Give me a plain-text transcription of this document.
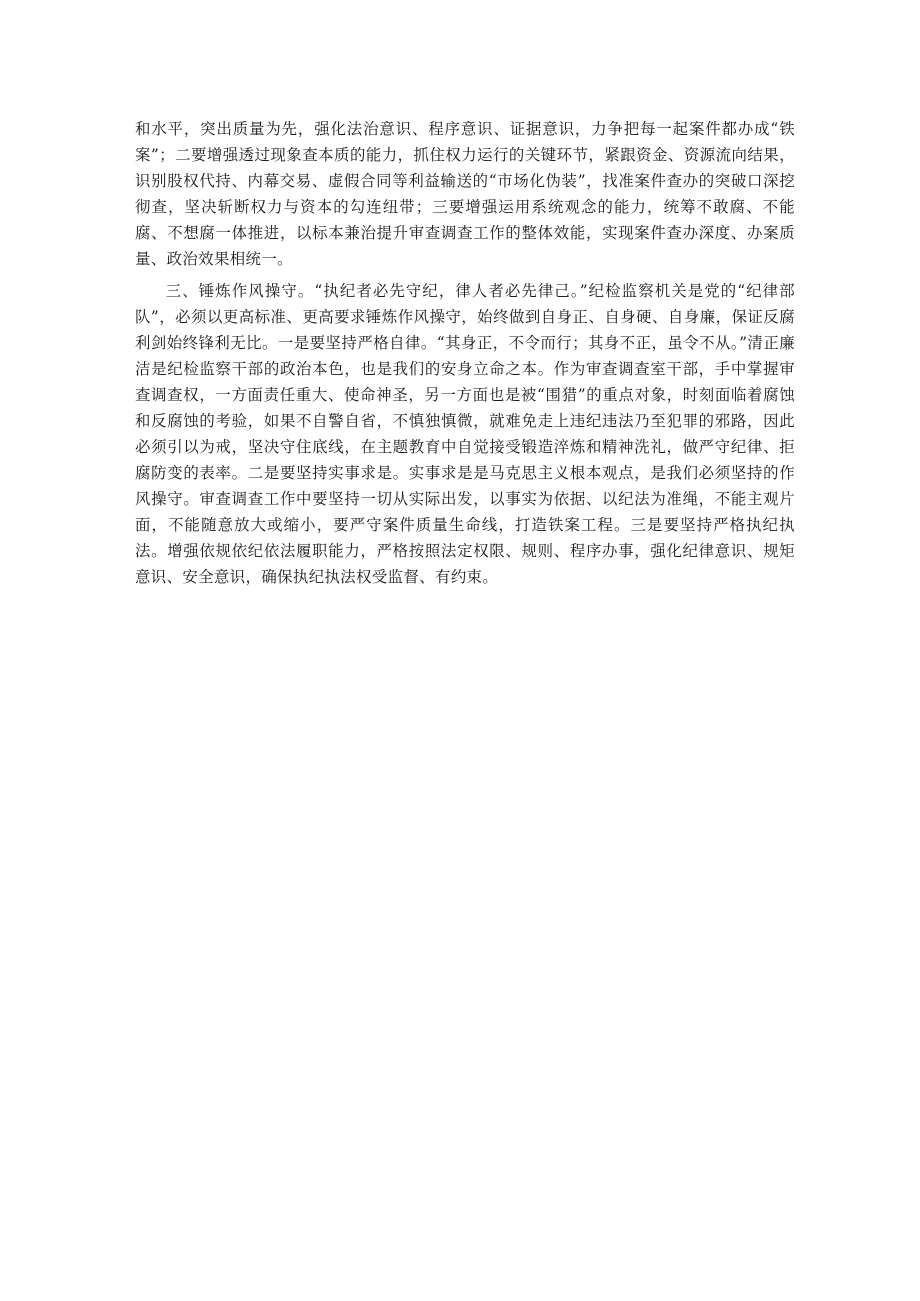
和水平，突出质量为先，强化法治意识、程序意识、证据意识，力争把每一起案件都办成“铁案”；二要增强透过现象查本质的能力，抓住权力运行的关键环节，紧跟资金、资源流向结果，识别股权代持、内幕交易、虚假合同等利益输送的“市场化伪装”，找准案件查办的突破口深挖彻查，坚决斩断权力与资本的勾连纽带；三要增强运用系统观念的能力，统筹不敢腐、不能腐、不想腐一体推进，以标本兼治提升审查调查工作的整体效能，实现案件查办深度、办案质量、政治效果相统一。

三、锤炼作风操守。“执纪者必先守纪，律人者必先律己。”纪检监察机关是党的“纪律部队”，必须以更高标准、更高要求锤炼作风操守，始终做到自身正、自身硬、自身廉，保证反腐利剑始终锋利无比。一是要坚持严格自律。“其身正，不令而行；其身不正，虽令不从。”清正廉洁是纪检监察干部的政治本色，也是我们的安身立命之本。作为审查调查室干部，手中掌握审查调查权，一方面责任重大、使命神圣，另一方面也是被“围猎”的重点对象，时刻面临着腐蚀和反腐蚀的考验，如果不自警自省，不慎独慎微，就难免走上违纪违法乃至犯罪的邪路，因此必须引以为戒，坚决守住底线，在主题教育中自觉接受锻造淬炼和精神洗礼，做严守纪律、拒腐防变的表率。二是要坚持实事求是。实事求是是马克思主义根本观点，是我们必须坚持的作风操守。审查调查工作中要坚持一切从实际出发，以事实为依据、以纪法为准绳，不能主观片面，不能随意放大或缩小，要严守案件质量生命线，打造铁案工程。三是要坚持严格执纪执法。增强依规依纪依法履职能力，严格按照法定权限、规则、程序办事，强化纪律意识、规矩意识、安全意识，确保执纪执法权受监督、有约束。
